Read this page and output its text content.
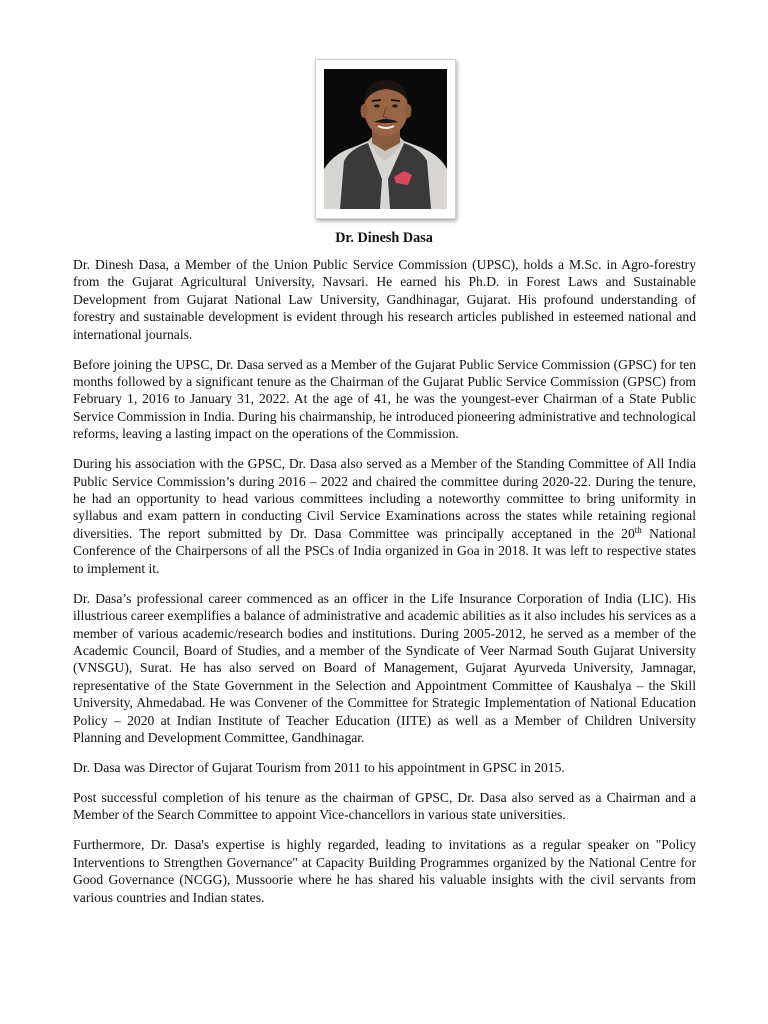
Dr. Dinesh Dasa

Dr. Dinesh Dasa, a Member of the Union Public Service Commission (UPSC), holds a M.Sc. in Agro-forestry from the Gujarat Agricultural University, Navsari. He earned his Ph.D. in Forest Laws and Sustainable Development from Gujarat National Law University, Gandhinagar, Gujarat. His profound understanding of forestry and sustainable development is evident through his research articles published in esteemed national and international journals.

Before joining the UPSC, Dr. Dasa served as a Member of the Gujarat Public Service Commission (GPSC) for ten months followed by a significant tenure as the Chairman of the Gujarat Public Service Commission (GPSC) from February 1, 2016 to January 31, 2022. At the age of 41, he was the youngest-ever Chairman of a State Public Service Commission in India. During his chairmanship, he introduced pioneering administrative and technological reforms, leaving a lasting impact on the operations of the Commission.

During his association with the GPSC, Dr. Dasa also served as a Member of the Standing Committee of All India Public Service Commission’s during 2016 – 2022 and chaired the committee during 2020-22. During the tenure, he had an opportunity to head various committees including a noteworthy committee to bring uniformity in syllabus and exam pattern in conducting Civil Service Examinations across the states while retaining regional diversities. The report submitted by Dr. Dasa Committee was principally acceptaned in the 20th National Conference of the Chairpersons of all the PSCs of India organized in Goa in 2018. It was left to respective states to implement it.

Dr. Dasa’s professional career commenced as an officer in the Life Insurance Corporation of India (LIC). His illustrious career exemplifies a balance of administrative and academic abilities as it also includes his services as a member of various academic/research bodies and institutions. During 2005-2012, he served as a member of the Academic Council, Board of Studies, and a member of the Syndicate of Veer Narmad South Gujarat University (VNSGU), Surat. He has also served on Board of Management, Gujarat Ayurveda University, Jamnagar, representative of the State Government in the Selection and Appointment Committee of Kaushalya – the Skill University, Ahmedabad. He was Convener of the Committee for Strategic Implementation of National Education Policy – 2020 at Indian Institute of Teacher Education (IITE) as well as a Member of Children University Planning and Development Committee, Gandhinagar.

Dr. Dasa was Director of Gujarat Tourism from 2011 to his appointment in GPSC in 2015.

Post successful completion of his tenure as the chairman of GPSC, Dr. Dasa also served as a Chairman and a Member of the Search Committee to appoint Vice-chancellors in various state universities.

Furthermore, Dr. Dasa's expertise is highly regarded, leading to invitations as a regular speaker on "Policy Interventions to Strengthen Governance" at Capacity Building Programmes organized by the National Centre for Good Governance (NCGG), Mussoorie where he has shared his valuable insights with the civil servants from various countries and Indian states.
